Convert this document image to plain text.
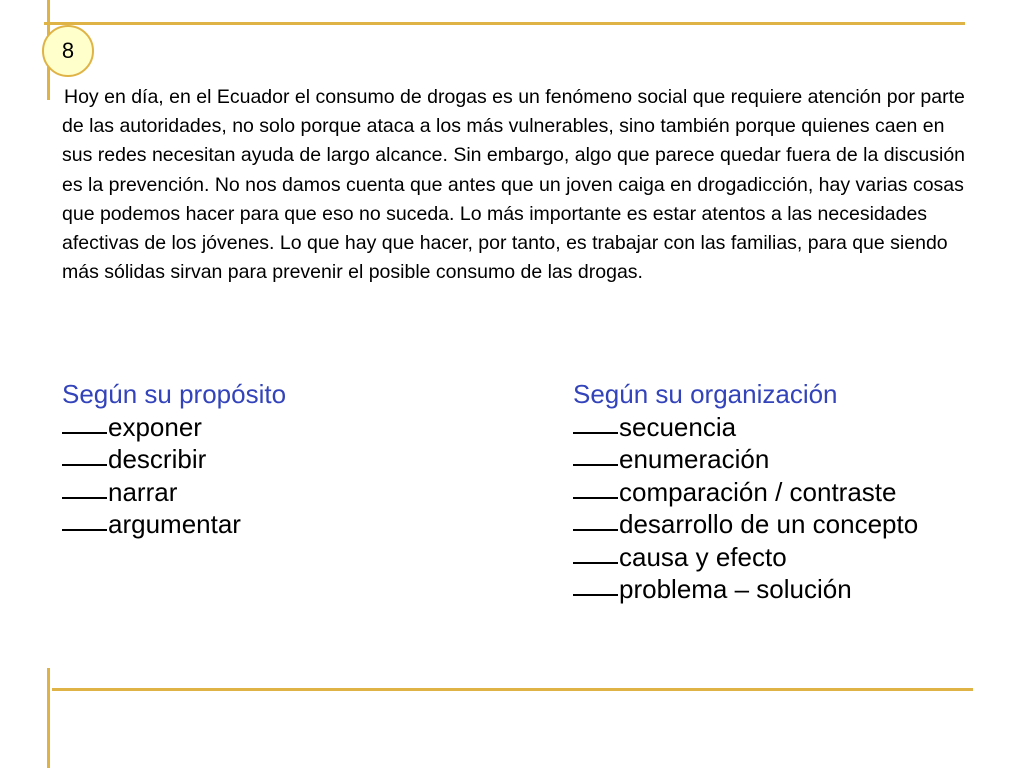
8

Hoy en día, en el Ecuador el consumo de drogas es un fenómeno social que requiere atención por parte de las autoridades, no solo porque ataca a los más vulnerables, sino también porque quienes caen en sus redes necesitan ayuda de largo alcance. Sin embargo, algo que parece quedar fuera de la discusión es la prevención. No nos damos cuenta que antes que un joven caiga en drogadicción, hay varias cosas que podemos hacer para que eso no suceda. Lo más importante es estar atentos a las necesidades afectivas de los jóvenes. Lo que hay que hacer, por tanto, es trabajar con las familias, para que siendo más sólidas sirvan para prevenir el posible consumo de las drogas.

Según su propósito
exponer
describir
narrar
argumentar
Según su organización
secuencia
enumeración
comparación / contraste
desarrollo de un concepto
causa y efecto
problema – solución
